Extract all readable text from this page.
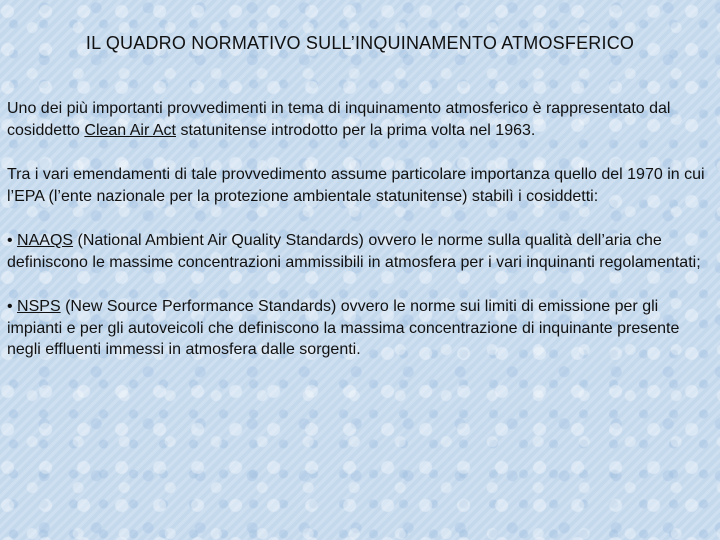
IL QUADRO NORMATIVO SULL’INQUINAMENTO ATMOSFERICO

Uno dei più importanti provvedimenti in tema di inquinamento atmosferico è rappresentato dal cosiddetto Clean Air Act statunitense introdotto per la prima volta nel 1963.

Tra i vari emendamenti di tale provvedimento assume particolare importanza quello del 1970 in cui l’EPA (l’ente nazionale per la protezione ambientale statunitense) stabilì i cosiddetti:

• NAAQS (National Ambient Air Quality Standards) ovvero le norme sulla qualità dell’aria che definiscono le massime concentrazioni ammissibili in atmosfera per i vari inquinanti regolamentati;

• NSPS (New Source Performance Standards) ovvero le norme sui limiti di emissione per gli impianti e per gli autoveicoli che definiscono la massima concentrazione di inquinante presente negli effluenti immessi in atmosfera dalle sorgenti.
